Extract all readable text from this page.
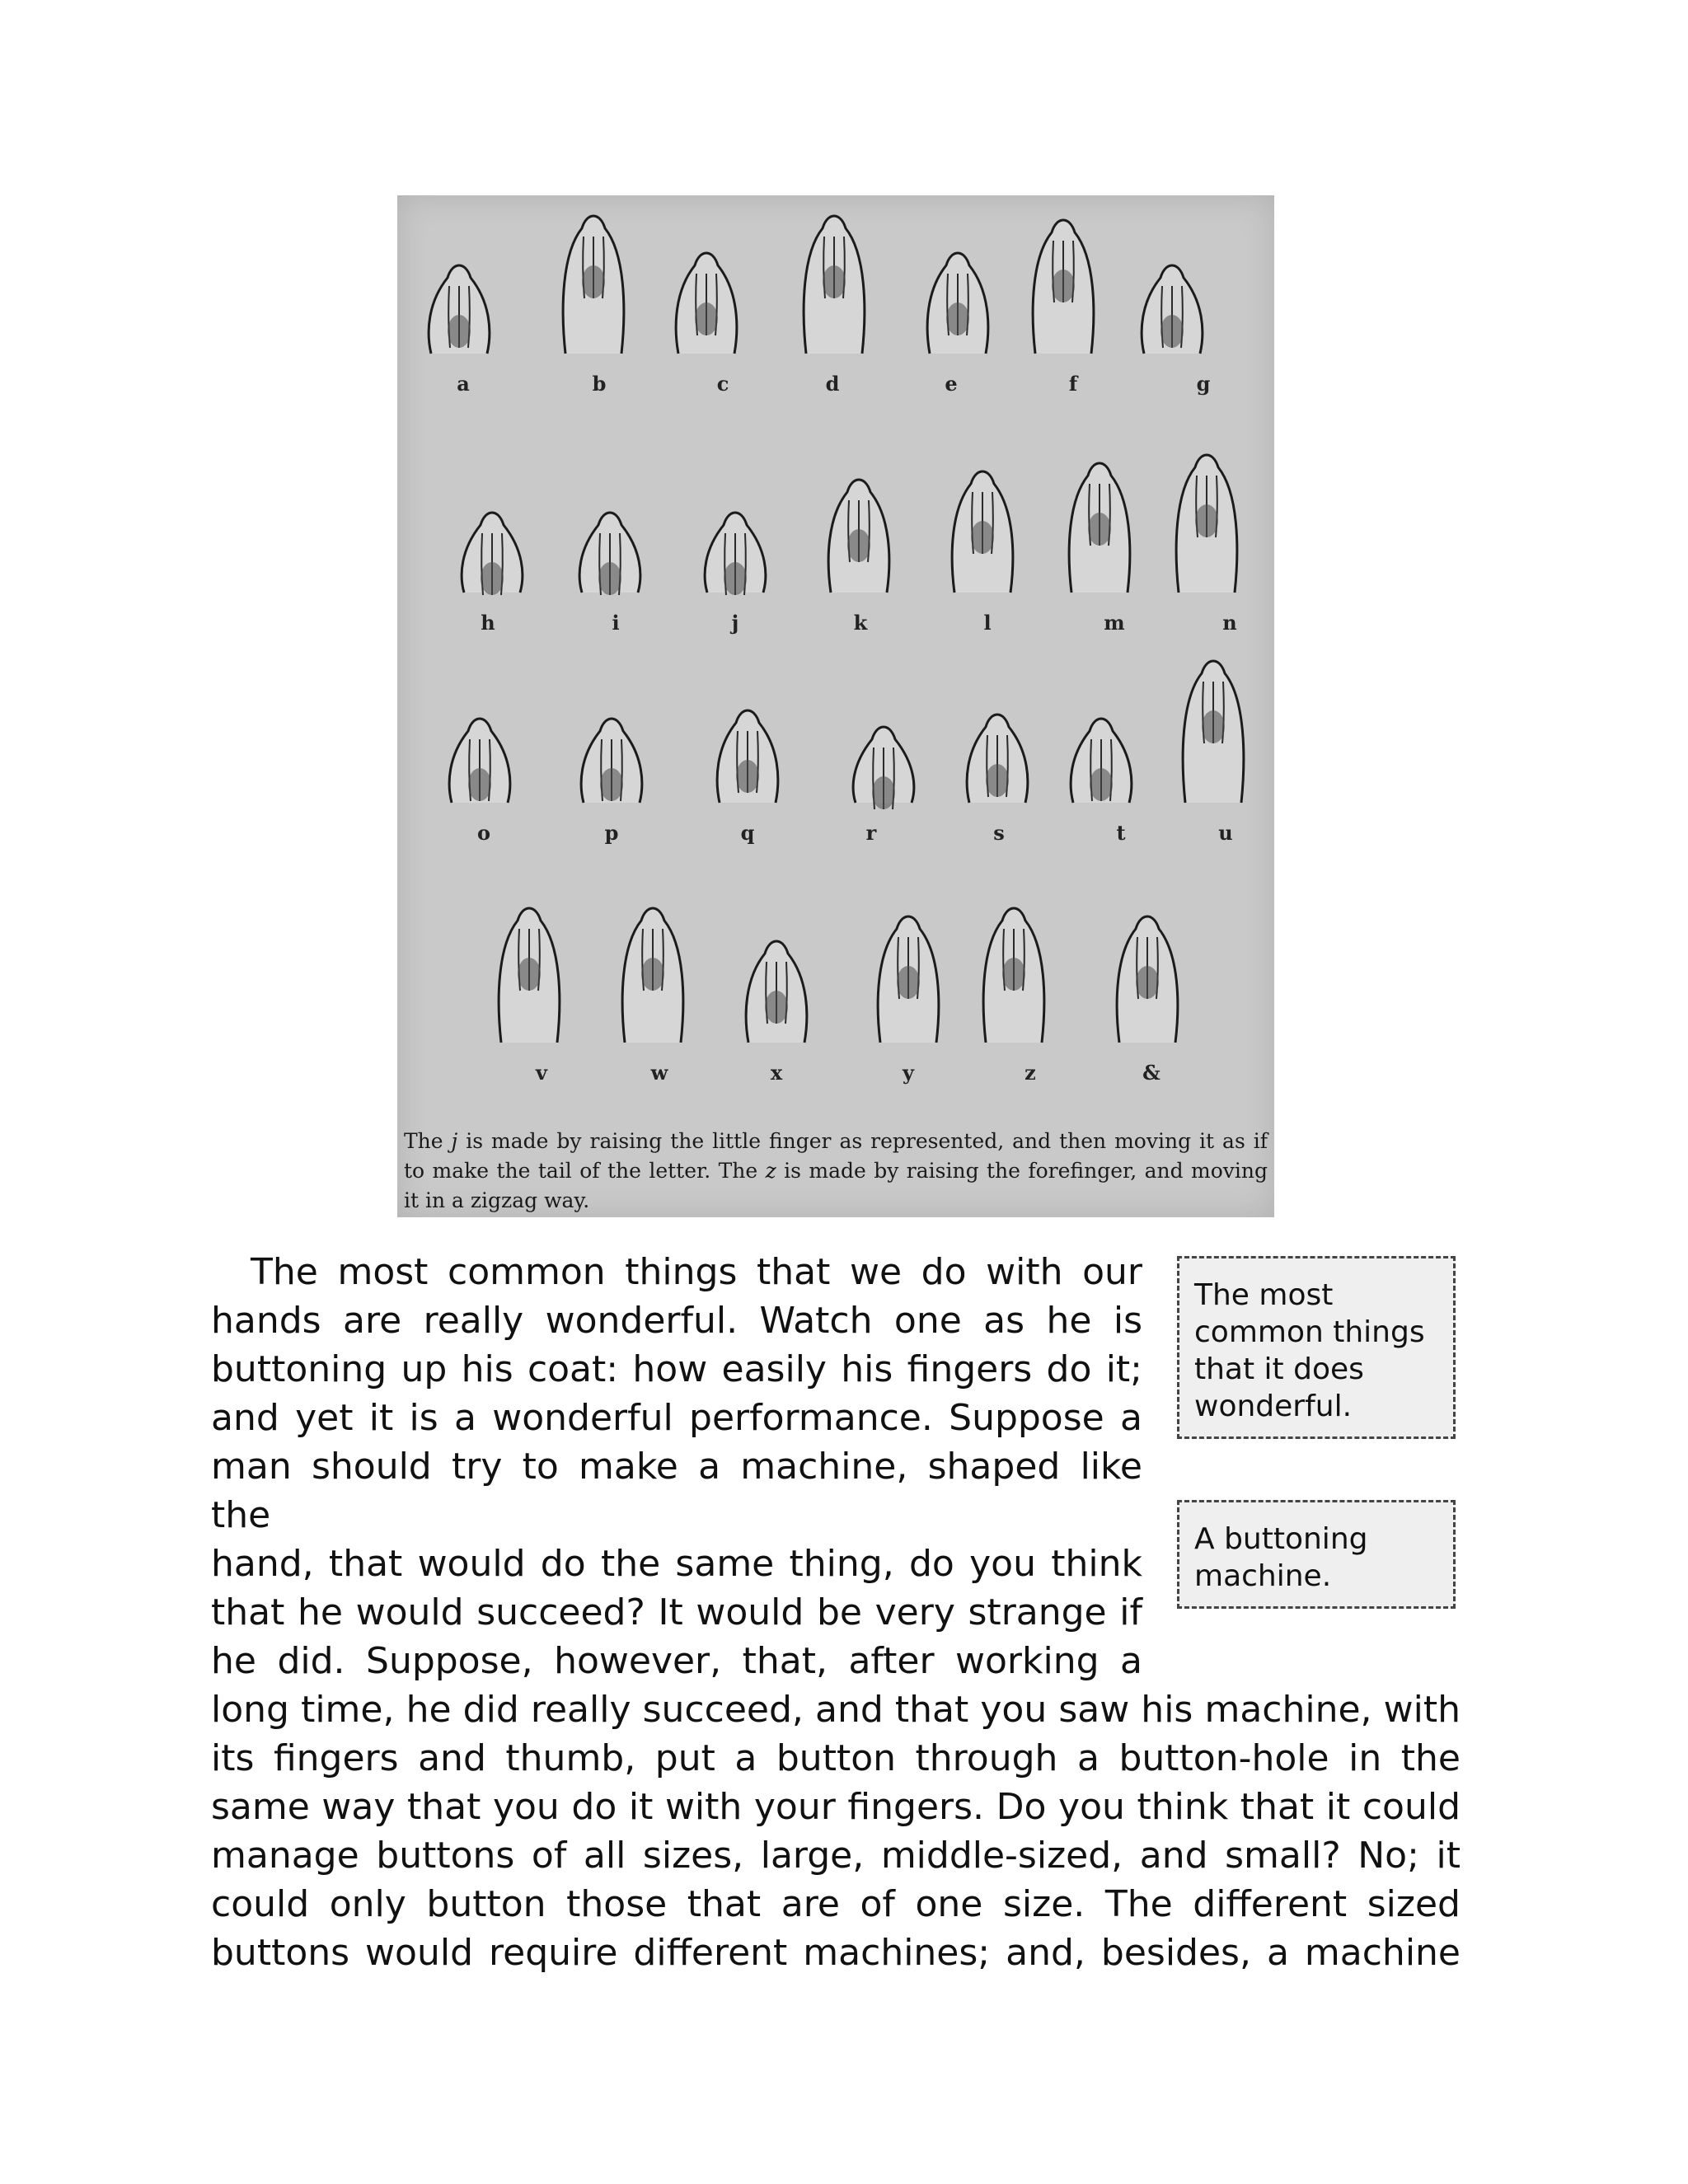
a	b	c	d	e	f	g
h	i	j	k	l	m	n
o	p	q	r	s	t	u
v	w	x	y	z	&
The j is made by raising the little finger as represented, and then moving it as if to make the tail of the letter. The z is made by raising the forefinger, and moving it in a zigzag way.
The most common things that we do with our
hands are really wonderful. Watch one as he is
buttoning up his coat: how easily his fingers do it;
and yet it is a wonderful performance. Suppose a
man should try to make a machine, shaped like the
hand, that would do the same thing, do you think
that he would succeed? It would be very strange if
he did. Suppose, however, that, after working a
long time, he did really succeed, and that you saw his machine, with
its fingers and thumb, put a button through a button-hole in the
same way that you do it with your fingers. Do you think that it could
manage buttons of all sizes, large, middle-sized, and small? No; it
could only button those that are of one size. The different sized
buttons would require different machines; and, besides, a machine
The most common things that it does wonderful.
A buttoning machine.
